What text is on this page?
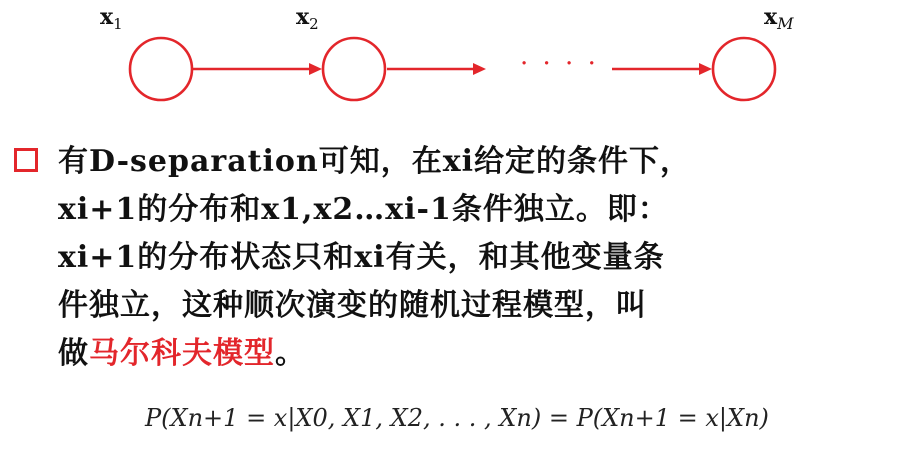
· · · ·
$x_1$	$x_2$	$x_M$
有D-separation可知，在xi给定的条件下，
xi+1的分布和x1,x2…xi-1条件独立。即：
xi+1的分布状态只和xi有关，和其他变量条
件独立，这种顺次演变的随机过程模型，叫
做马尔科夫模型。
P(Xn+1 = x|X0, X1, X2, . . . , Xn) = P(Xn+1 = x|Xn)
